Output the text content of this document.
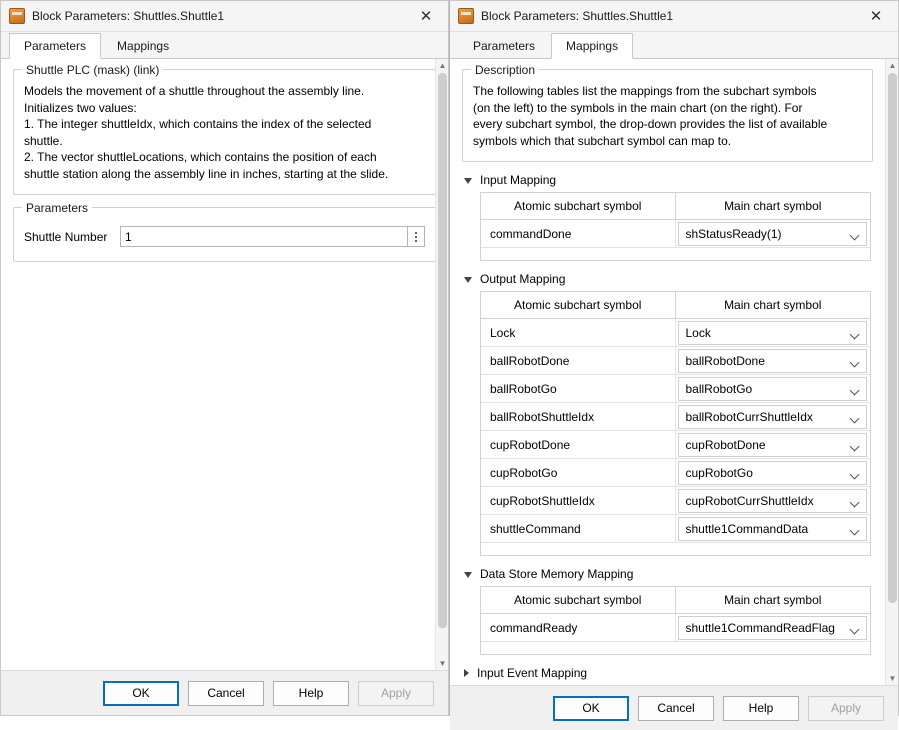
Block Parameters: Shuttles.Shuttle1	✕
Parameters	Mappings
Shuttle PLC (mask) (link)
Models the movement of a shuttle throughout the assembly line.
Initializes two values:
1. The integer shuttleIdx, which contains the index of the selected
shuttle.
2. The vector shuttleLocations, which contains the position of each
shuttle station along the assembly line in inches, starting at the slide.
Parameters
Shuttle Number
1
▲
▼
OK	Cancel	Help	Apply
Block Parameters: Shuttles.Shuttle1	✕
Parameters	Mappings
Description
The following tables list the mappings from the subchart symbols
(on the left) to the symbols in the main chart (on the right). For
every subchart symbol, the drop-down provides the list of available
symbols which that subchart symbol can map to.
Input Mapping
Atomic subchart symbol	Main chart symbol
commandDone	shStatusReady(1)
Output Mapping
Atomic subchart symbol	Main chart symbol
Lock	Lock
ballRobotDone	ballRobotDone
ballRobotGo	ballRobotGo
ballRobotShuttleIdx	ballRobotCurrShuttleIdx
cupRobotDone	cupRobotDone
cupRobotGo	cupRobotGo
cupRobotShuttleIdx	cupRobotCurrShuttleIdx
shuttleCommand	shuttle1CommandData
Data Store Memory Mapping
Atomic subchart symbol	Main chart symbol
commandReady	shuttle1CommandReadFlag
Input Event Mapping
▲
▼
OK	Cancel	Help	Apply
